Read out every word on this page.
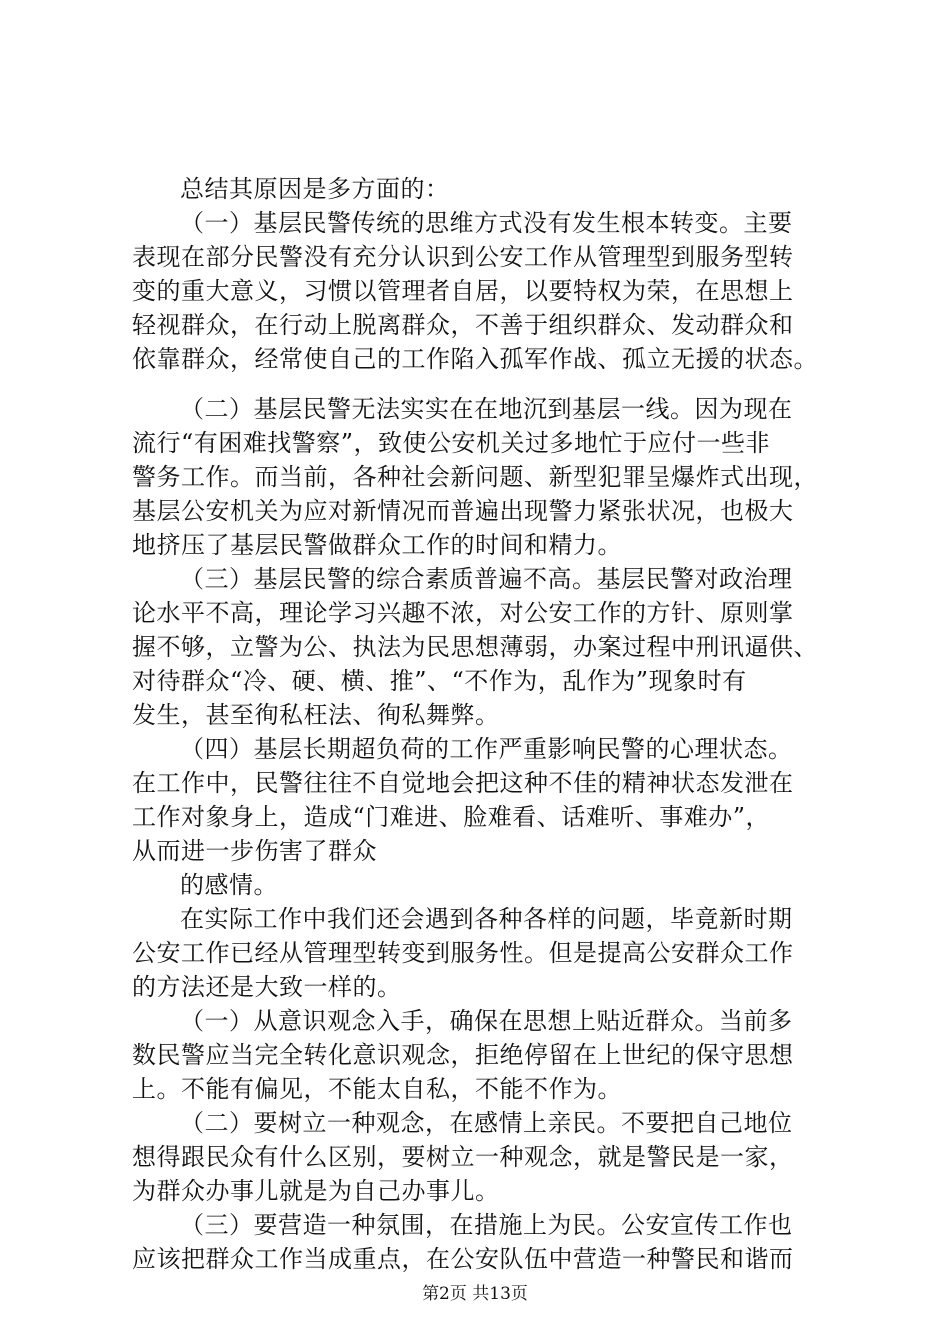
总结其原因是多方面的：
（一）基层民警传统的思维方式没有发生根本转变。主要
表现在部分民警没有充分认识到公安工作从管理型到服务型转
变的重大意义，习惯以管理者自居，以要特权为荣，在思想上
轻视群众，在行动上脱离群众，不善于组织群众、发动群众和
依靠群众，经常使自己的工作陷入孤军作战、孤立无援的状态。
（二）基层民警无法实实在在地沉到基层一线。因为现在
流行“有困难找警察”，致使公安机关过多地忙于应付一些非
警务工作。而当前，各种社会新问题、新型犯罪呈爆炸式出现，
基层公安机关为应对新情况而普遍出现警力紧张状况，也极大
地挤压了基层民警做群众工作的时间和精力。
（三）基层民警的综合素质普遍不高。基层民警对政治理
论水平不高，理论学习兴趣不浓，对公安工作的方针、原则掌
握不够，立警为公、执法为民思想薄弱，办案过程中刑讯逼供、
对待群众“冷、硬、横、推”、“不作为，乱作为”现象时有
发生，甚至徇私枉法、徇私舞弊。
（四）基层长期超负荷的工作严重影响民警的心理状态。
在工作中，民警往往不自觉地会把这种不佳的精神状态发泄在
工作对象身上，造成“门难进、脸难看、话难听、事难办”，
从而进一步伤害了群众
的感情。
在实际工作中我们还会遇到各种各样的问题，毕竟新时期
公安工作已经从管理型转变到服务性。但是提高公安群众工作
的方法还是大致一样的。
（一）从意识观念入手，确保在思想上贴近群众。当前多
数民警应当完全转化意识观念，拒绝停留在上世纪的保守思想
上。不能有偏见，不能太自私，不能不作为。
（二）要树立一种观念，在感情上亲民。不要把自己地位
想得跟民众有什么区别，要树立一种观念，就是警民是一家，
为群众办事儿就是为自己办事儿。
（三）要营造一种氛围，在措施上为民。公安宣传工作也
应该把群众工作当成重点，在公安队伍中营造一种警民和谐而
第2页 共13页
